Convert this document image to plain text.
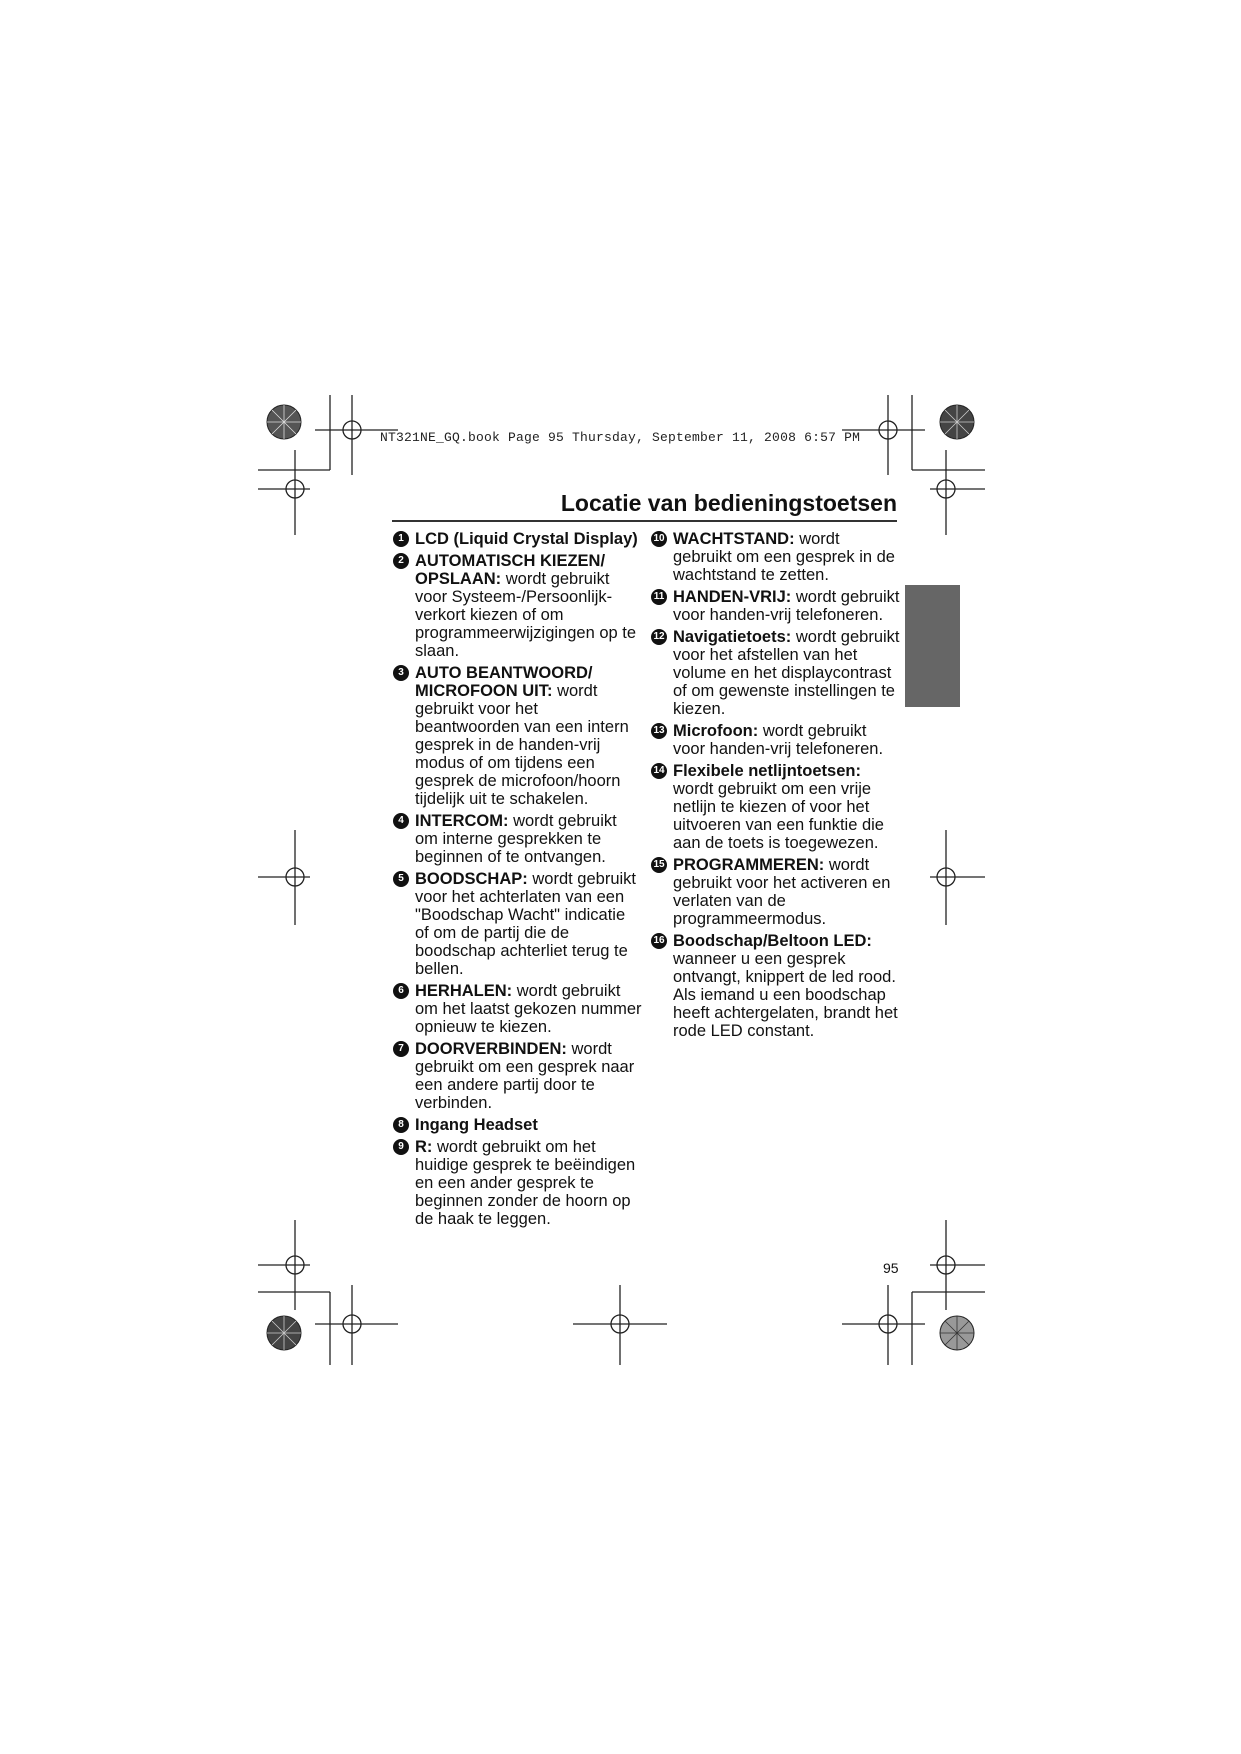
NT321NE_GQ.book Page 95 Thursday, September 11, 2008 6:57 PM
Locatie van bedieningstoetsen
1 LCD (Liquid Crystal Display)
2 AUTOMATISCH KIEZEN/ OPSLAAN: wordt gebruikt voor Systeem-/Persoonlijk-verkort kiezen of om programmeerwijzigingen op te slaan.
3 AUTO BEANTWOORD/ MICROFOON UIT: wordt gebruikt voor het beantwoorden van een intern gesprek in de handen-vrij modus of om tijdens een gesprek de microfoon/hoorn tijdelijk uit te schakelen.
4 INTERCOM: wordt gebruikt om interne gesprekken te beginnen of te ontvangen.
5 BOODSCHAP: wordt gebruikt voor het achterlaten van een "Boodschap Wacht" indicatie of om de partij die de boodschap achterliet terug te bellen.
6 HERHALEN: wordt gebruikt om het laatst gekozen nummer opnieuw te kiezen.
7 DOORVERBINDEN: wordt gebruikt om een gesprek naar een andere partij door te verbinden.
8 Ingang Headset
9 R: wordt gebruikt om het huidige gesprek te beëindigen en een ander gesprek te beginnen zonder de hoorn op de haak te leggen.
10 WACHTSTAND: wordt gebruikt om een gesprek in de wachtstand te zetten.
11 HANDEN-VRIJ: wordt gebruikt voor handen-vrij telefoneren.
12 Navigatietoets: wordt gebruikt voor het afstellen van het volume en het displaycontrast of om gewenste instellingen te kiezen.
13 Microfoon: wordt gebruikt voor handen-vrij telefoneren.
14 Flexibele netlijntoetsen: wordt gebruikt om een vrije netlijn te kiezen of voor het uitvoeren van een funktie die aan de toets is toegewezen.
15 PROGRAMMEREN: wordt gebruikt voor het activeren en verlaten van de programmeermodus.
16 Boodschap/Beltoon LED: wanneer u een gesprek ontvangt, knippert de led rood. Als iemand u een boodschap heeft achtergelaten, brandt het rode LED constant.
95
